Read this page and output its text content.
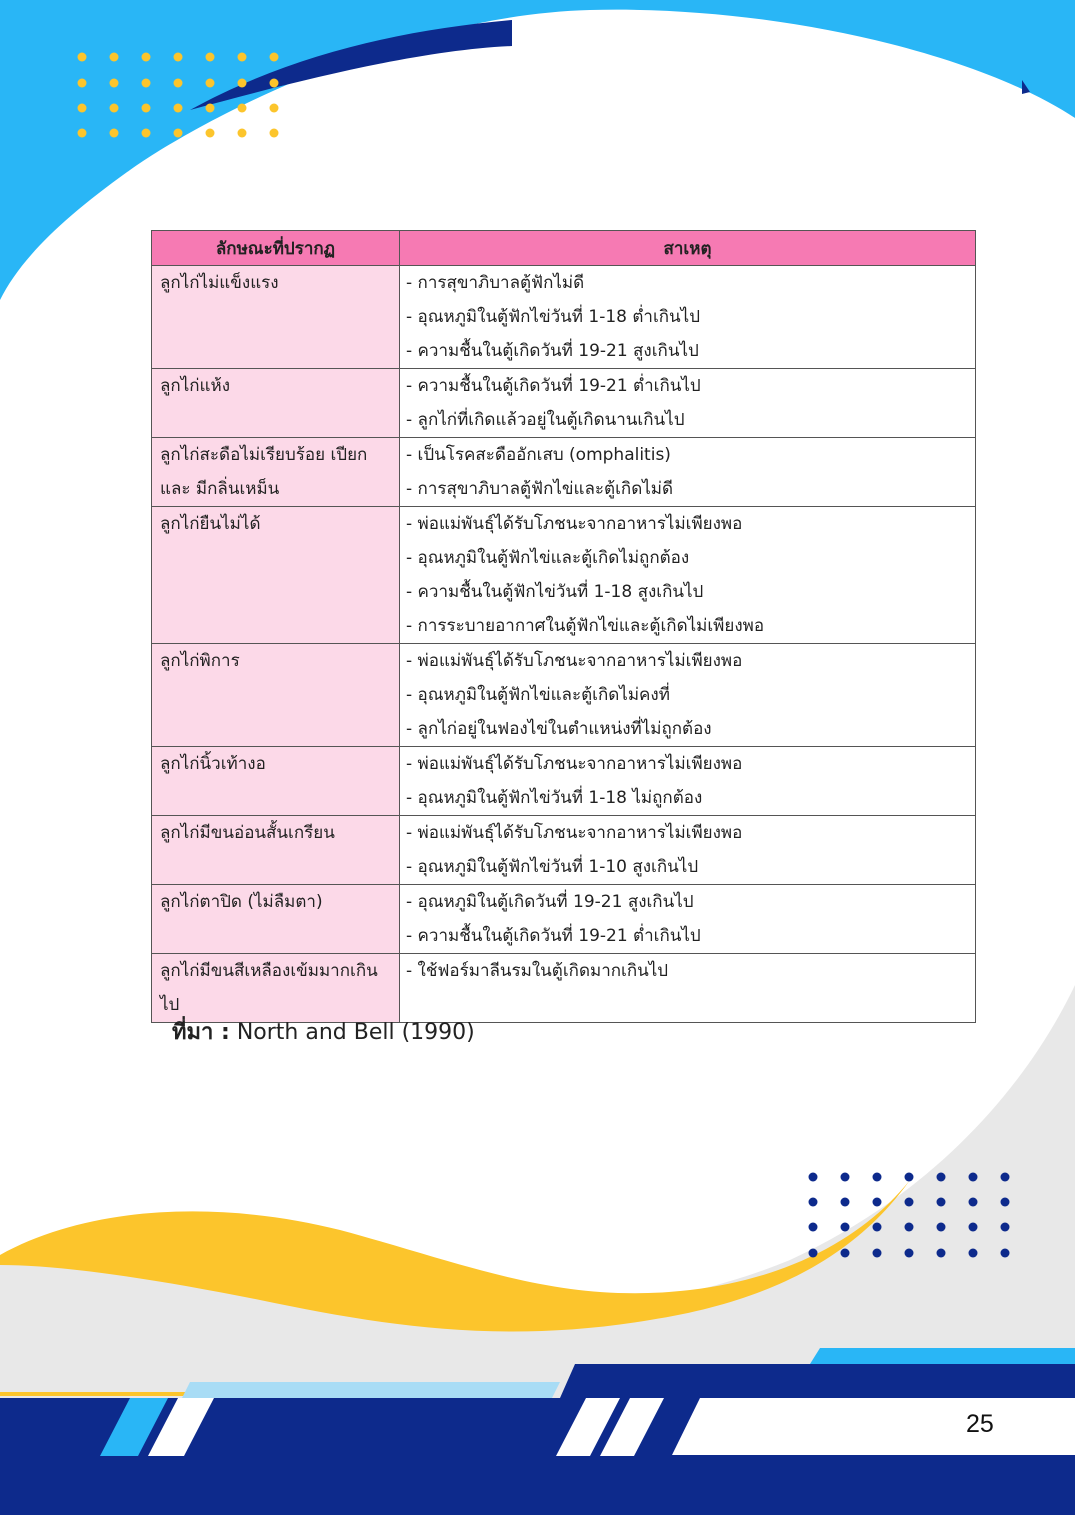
ลักษณะที่ปรากฏ	สาเหตุ
ลูกไก่ไม่แข็งแรง	- การสุขาภิบาลตู้ฟักไม่ดี
- อุณหภูมิในตู้ฟักไข่วันที่ 1-18 ต่ำเกินไป
- ความชื้นในตู้เกิดวันที่ 19-21 สูงเกินไป

ลูกไก่แห้ง	- ความชื้นในตู้เกิดวันที่ 19-21 ต่ำเกินไป
- ลูกไก่ที่เกิดแล้วอยู่ในตู้เกิดนานเกินไป

ลูกไก่สะดือไม่เรียบร้อย เปียก และ มีกลิ่นเหม็น	- เป็นโรคสะดืออักเสบ (omphalitis)
- การสุขาภิบาลตู้ฟักไข่และตู้เกิดไม่ดี

ลูกไก่ยืนไม่ได้	- พ่อแม่พันธุ์ได้รับโภชนะจากอาหารไม่เพียงพอ
- อุณหภูมิในตู้ฟักไข่และตู้เกิดไม่ถูกต้อง
- ความชื้นในตู้ฟักไข่วันที่ 1-18 สูงเกินไป
- การระบายอากาศในตู้ฟักไข่และตู้เกิดไม่เพียงพอ

ลูกไก่พิการ	- พ่อแม่พันธุ์ได้รับโภชนะจากอาหารไม่เพียงพอ
- อุณหภูมิในตู้ฟักไข่และตู้เกิดไม่คงที่
- ลูกไก่อยู่ในฟองไข่ในตำแหน่งที่ไม่ถูกต้อง

ลูกไก่นิ้วเท้างอ	- พ่อแม่พันธุ์ได้รับโภชนะจากอาหารไม่เพียงพอ
- อุณหภูมิในตู้ฟักไข่วันที่ 1-18 ไม่ถูกต้อง

ลูกไก่มีขนอ่อนสั้นเกรียน	- พ่อแม่พันธุ์ได้รับโภชนะจากอาหารไม่เพียงพอ
- อุณหภูมิในตู้ฟักไข่วันที่ 1-10 สูงเกินไป

ลูกไก่ตาปิด (ไม่ลืมตา)	- อุณหภูมิในตู้เกิดวันที่ 19-21 สูงเกินไป
- ความชื้นในตู้เกิดวันที่ 19-21 ต่ำเกินไป

ลูกไก่มีขนสีเหลืองเข้มมากเกินไป	- ใช้ฟอร์มาลีนรมในตู้เกิดมากเกินไป
ที่มา : North and Bell (1990)
25
